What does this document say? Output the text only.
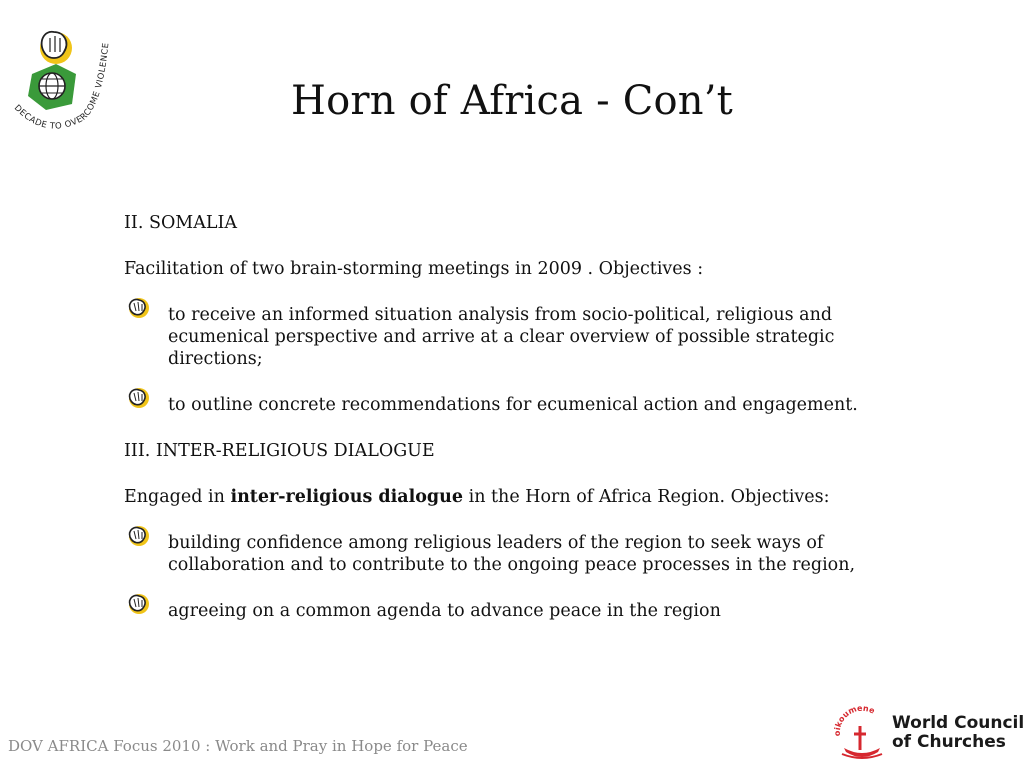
DECADE TO OVERCOME VIOLENCE
Horn of Africa - Con’t

II. SOMALIA

Facilitation of two brain-storming meetings in 2009 . Objectives :

to receive an informed situation analysis from socio-political, religious and ecumenical perspective and arrive at a clear overview of possible strategic directions;
to outline concrete recommendations for ecumenical action and engagement.

III. INTER-RELIGIOUS DIALOGUE

Engaged in inter-religious dialogue in the Horn of Africa Region. Objectives:

building confidence among religious leaders of the region to seek ways of collaboration and to contribute to the ongoing peace processes in the region,
agreeing on a common agenda to advance peace in the region
DOV AFRICA Focus 2010 : Work and Pray in Hope for Peace
koumene
World Council
of Churches
